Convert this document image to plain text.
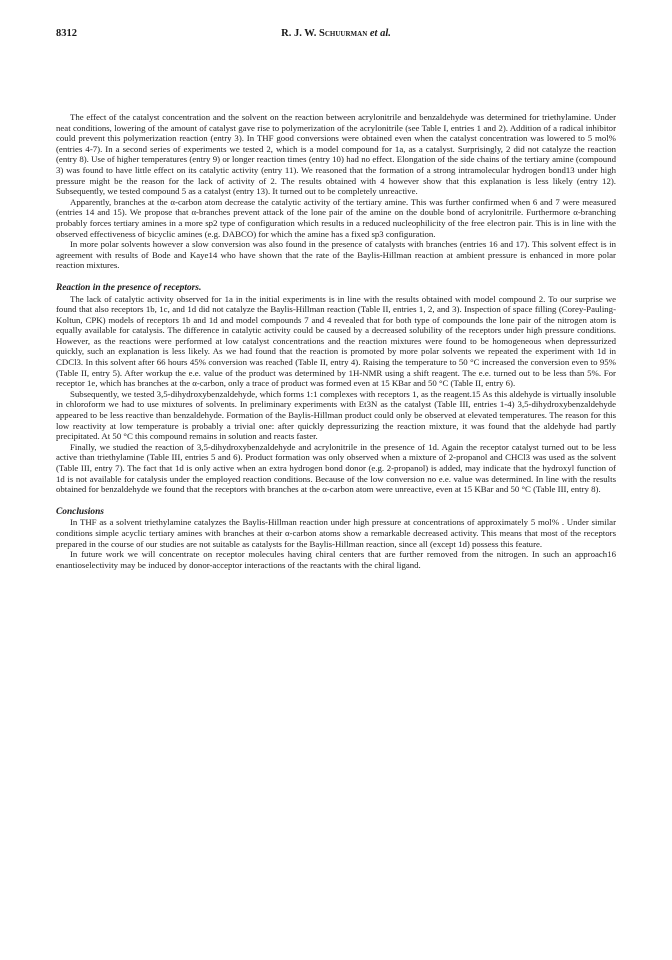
8312	R. J. W. Schuurman et al.

The effect of the catalyst concentration and the solvent on the reaction between acrylonitrile and benzaldehyde was determined for triethylamine. Under neat conditions, lowering of the amount of catalyst gave rise to polymerization of the acrylonitrile (see Table I, entries 1 and 2). Addition of a radical inhibitor could prevent this polymerization reaction (entry 3). In THF good conversions were obtained even when the catalyst concentration was lowered to 5 mol% (entries 4-7). In a second series of experiments we tested 2, which is a model compound for 1a, as a catalyst. Surprisingly, 2 did not catalyze the reaction (entry 8). Use of higher temperatures (entry 9) or longer reaction times (entry 10) had no effect. Elongation of the side chains of the tertiary amine (compound 3) was found to have little effect on its catalytic activity (entry 11). We reasoned that the formation of a strong intramolecular hydrogen bond13 under high pressure might be the reason for the lack of activity of 2. The results obtained with 4 however show that this explanation is less likely (entry 12). Subsequently, we tested compound 5 as a catalyst (entry 13). It turned out to be completely unreactive.

Apparently, branches at the α-carbon atom decrease the catalytic activity of the tertiary amine. This was further confirmed when 6 and 7 were measured (entries 14 and 15). We propose that α-branches prevent attack of the lone pair of the amine on the double bond of acrylonitrile. Furthermore α-branching probably forces tertiary amines in a more sp2 type of configuration which results in a reduced nucleophilicity of the free electron pair. This is in line with the observed effectiveness of bicyclic amines (e.g. DABCO) for which the amine has a fixed sp3 configuration.

In more polar solvents however a slow conversion was also found in the presence of catalysts with branches (entries 16 and 17). This solvent effect is in agreement with results of Bode and Kaye14 who have shown that the rate of the Baylis-Hillman reaction at ambient pressure is enhanced in more polar reaction mixtures.

Reaction in the presence of receptors.

The lack of catalytic activity observed for 1a in the initial experiments is in line with the results obtained with model compound 2. To our surprise we found that also receptors 1b, 1c, and 1d did not catalyze the Baylis-Hillman reaction (Table II, entries 1, 2, and 3). Inspection of space filling (Corey-Pauling-Koltun, CPK) models of receptors 1b and 1d and model compounds 7 and 4 revealed that for both type of compounds the lone pair of the nitrogen atom is equally available for catalysis. The difference in catalytic activity could be caused by a decreased solubility of the receptors under high pressure conditions. However, as the reactions were performed at low catalyst concentrations and the reaction mixtures were found to be homogeneous when depressurized quickly, such an explanation is less likely. As we had found that the reaction is promoted by more polar solvents we repeated the experiment with 1d in CDCl3. In this solvent after 66 hours 45% conversion was reached (Table II, entry 4). Raising the temperature to 50 °C increased the conversion even to 95% (Table II, entry 5). After workup the e.e. value of the product was determined by 1H-NMR using a shift reagent. The e.e. turned out to be less than 5%. For receptor 1e, which has branches at the α-carbon, only a trace of product was formed even at 15 KBar and 50 °C (Table II, entry 6).

Subsequently, we tested 3,5-dihydroxybenzaldehyde, which forms 1:1 complexes with receptors 1, as the reagent.15 As this aldehyde is virtually insoluble in chloroform we had to use mixtures of solvents. In preliminary experiments with Et3N as the catalyst (Table III, entries 1-4) 3,5-dihydroxybenzaldehyde appeared to be less reactive than benzaldehyde. Formation of the Baylis-Hillman product could only be observed at elevated temperatures. The reason for this low reactivity at low temperature is probably a trivial one: after quickly depressurizing the reaction mixture, it was found that the aldehyde had partly precipitated. At 50 °C this compound remains in solution and reacts faster.

Finally, we studied the reaction of 3,5-dihydroxybenzaldehyde and acrylonitrile in the presence of 1d. Again the receptor catalyst turned out to be less active than triethylamine (Table III, entries 5 and 6). Product formation was only observed when a mixture of 2-propanol and CHCl3 was used as the solvent (Table III, entry 7). The fact that 1d is only active when an extra hydrogen bond donor (e.g. 2-propanol) is added, may indicate that the hydroxyl function of 1d is not available for catalysis under the employed reaction conditions. Because of the low conversion no e.e. value was determined. In line with the results obtained for benzaldehyde we found that the receptors with branches at the α-carbon atom were unreactive, even at 15 KBar and 50 °C (Table III, entry 8).

Conclusions

In THF as a solvent triethylamine catalyzes the Baylis-Hillman reaction under high pressure at concentrations of approximately 5 mol% . Under similar conditions simple acyclic tertiary amines with branches at their α-carbon atoms show a remarkable decreased activity. This means that most of the receptors prepared in the course of our studies are not suitable as catalysts for the Baylis-Hillman reaction, since all (except 1d) possess this feature.

In future work we will concentrate on receptor molecules having chiral centers that are further removed from the nitrogen. In such an approach16 enantioselectivity may be induced by donor-acceptor interactions of the reactants with the chiral ligand.
